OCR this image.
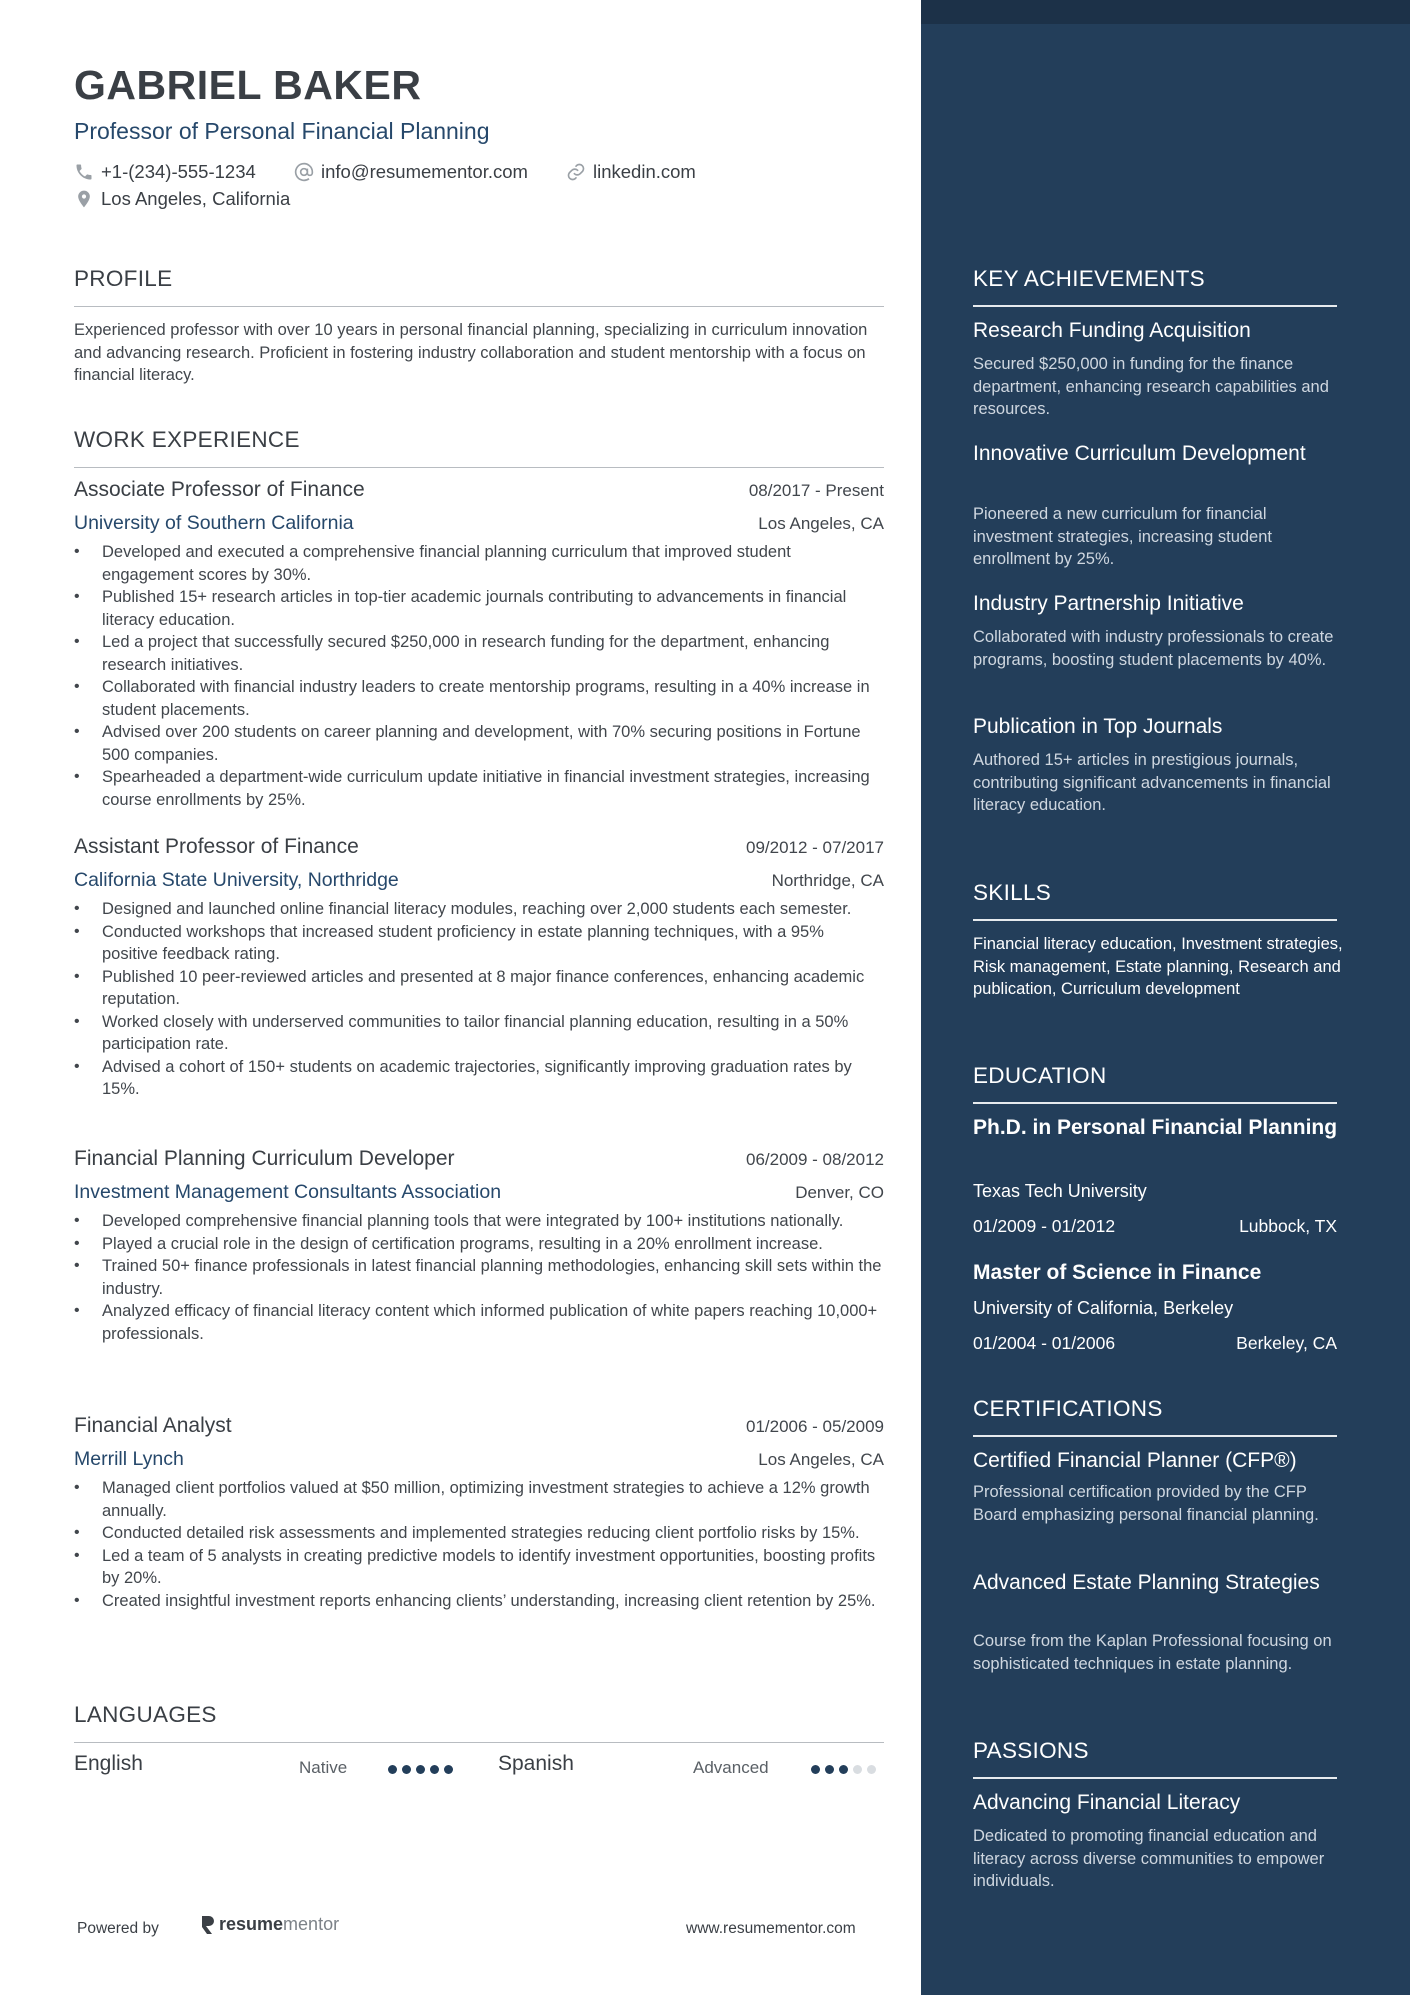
GABRIEL BAKER
Professor of Personal Financial Planning
+1-(234)-555-1234	info@resumementor.com	linkedin.com
Los Angeles, California
PROFILE
Experienced professor with over 10 years in personal financial planning, specializing in curriculum innovation and advancing research. Proficient in fostering industry collaboration and student mentorship with a focus on financial literacy.
WORK EXPERIENCE
Associate Professor of Finance	08/2017 - Present
University of Southern California	Los Angeles, CA
• Developed and executed a comprehensive financial planning curriculum that improved student engagement scores by 30%.
• Published 15+ research articles in top-tier academic journals contributing to advancements in financial literacy education.
• Led a project that successfully secured $250,000 in research funding for the department, enhancing research initiatives.
• Collaborated with financial industry leaders to create mentorship programs, resulting in a 40% increase in student placements.
• Advised over 200 students on career planning and development, with 70% securing positions in Fortune 500 companies.
• Spearheaded a department-wide curriculum update initiative in financial investment strategies, increasing course enrollments by 25%.
Assistant Professor of Finance	09/2012 - 07/2017
California State University, Northridge	Northridge, CA
• Designed and launched online financial literacy modules, reaching over 2,000 students each semester.
• Conducted workshops that increased student proficiency in estate planning techniques, with a 95% positive feedback rating.
• Published 10 peer-reviewed articles and presented at 8 major finance conferences, enhancing academic reputation.
• Worked closely with underserved communities to tailor financial planning education, resulting in a 50% participation rate.
• Advised a cohort of 150+ students on academic trajectories, significantly improving graduation rates by 15%.
Financial Planning Curriculum Developer	06/2009 - 08/2012
Investment Management Consultants Association	Denver, CO
• Developed comprehensive financial planning tools that were integrated by 100+ institutions nationally.
• Played a crucial role in the design of certification programs, resulting in a 20% enrollment increase.
• Trained 50+ finance professionals in latest financial planning methodologies, enhancing skill sets within the industry.
• Analyzed efficacy of financial literacy content which informed publication of white papers reaching 10,000+ professionals.
Financial Analyst	01/2006 - 05/2009
Merrill Lynch	Los Angeles, CA
• Managed client portfolios valued at $50 million, optimizing investment strategies to achieve a 12% growth annually.
• Conducted detailed risk assessments and implemented strategies reducing client portfolio risks by 15%.
• Led a team of 5 analysts in creating predictive models to identify investment opportunities, boosting profits by 20%.
• Created insightful investment reports enhancing clients’ understanding, increasing client retention by 25%.
LANGUAGES
English	Native	Spanish	Advanced
Powered by	resumementor	www.resumementor.com
KEY ACHIEVEMENTS
Research Funding Acquisition
Secured $250,000 in funding for the finance department, enhancing research capabilities and resources.
Innovative Curriculum Development
Pioneered a new curriculum for financial investment strategies, increasing student enrollment by 25%.
Industry Partnership Initiative
Collaborated with industry professionals to create programs, boosting student placements by 40%.
Publication in Top Journals
Authored 15+ articles in prestigious journals, contributing significant advancements in financial literacy education.
SKILLS
Financial literacy education, Investment strategies, Risk management, Estate planning, Research and publication, Curriculum development
EDUCATION
Ph.D. in Personal Financial Planning
Texas Tech University
01/2009 - 01/2012	Lubbock, TX
Master of Science in Finance
University of California, Berkeley
01/2004 - 01/2006	Berkeley, CA
CERTIFICATIONS
Certified Financial Planner (CFP®)
Professional certification provided by the CFP Board emphasizing personal financial planning.
Advanced Estate Planning Strategies
Course from the Kaplan Professional focusing on sophisticated techniques in estate planning.
PASSIONS
Advancing Financial Literacy
Dedicated to promoting financial education and literacy across diverse communities to empower individuals.
